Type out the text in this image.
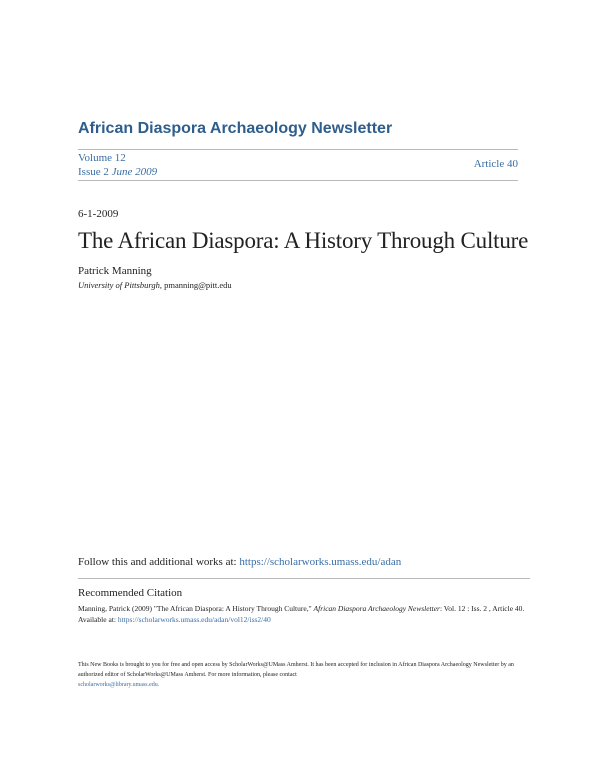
African Diaspora Archaeology Newsletter
Volume 12
Issue 2 June 2009
Article 40
6-1-2009
The African Diaspora: A History Through Culture
Patrick Manning
University of Pittsburgh, pmanning@pitt.edu
Follow this and additional works at: https://scholarworks.umass.edu/adan
Recommended Citation
Manning, Patrick (2009) "The African Diaspora: A History Through Culture," African Diaspora Archaeology Newsletter: Vol. 12 : Iss. 2 , Article 40.
Available at: https://scholarworks.umass.edu/adan/vol12/iss2/40
This New Books is brought to you for free and open access by ScholarWorks@UMass Amherst. It has been accepted for inclusion in African Diaspora Archaeology Newsletter by an authorized editor of ScholarWorks@UMass Amherst. For more information, please contact
scholarworks@library.umass.edu.
